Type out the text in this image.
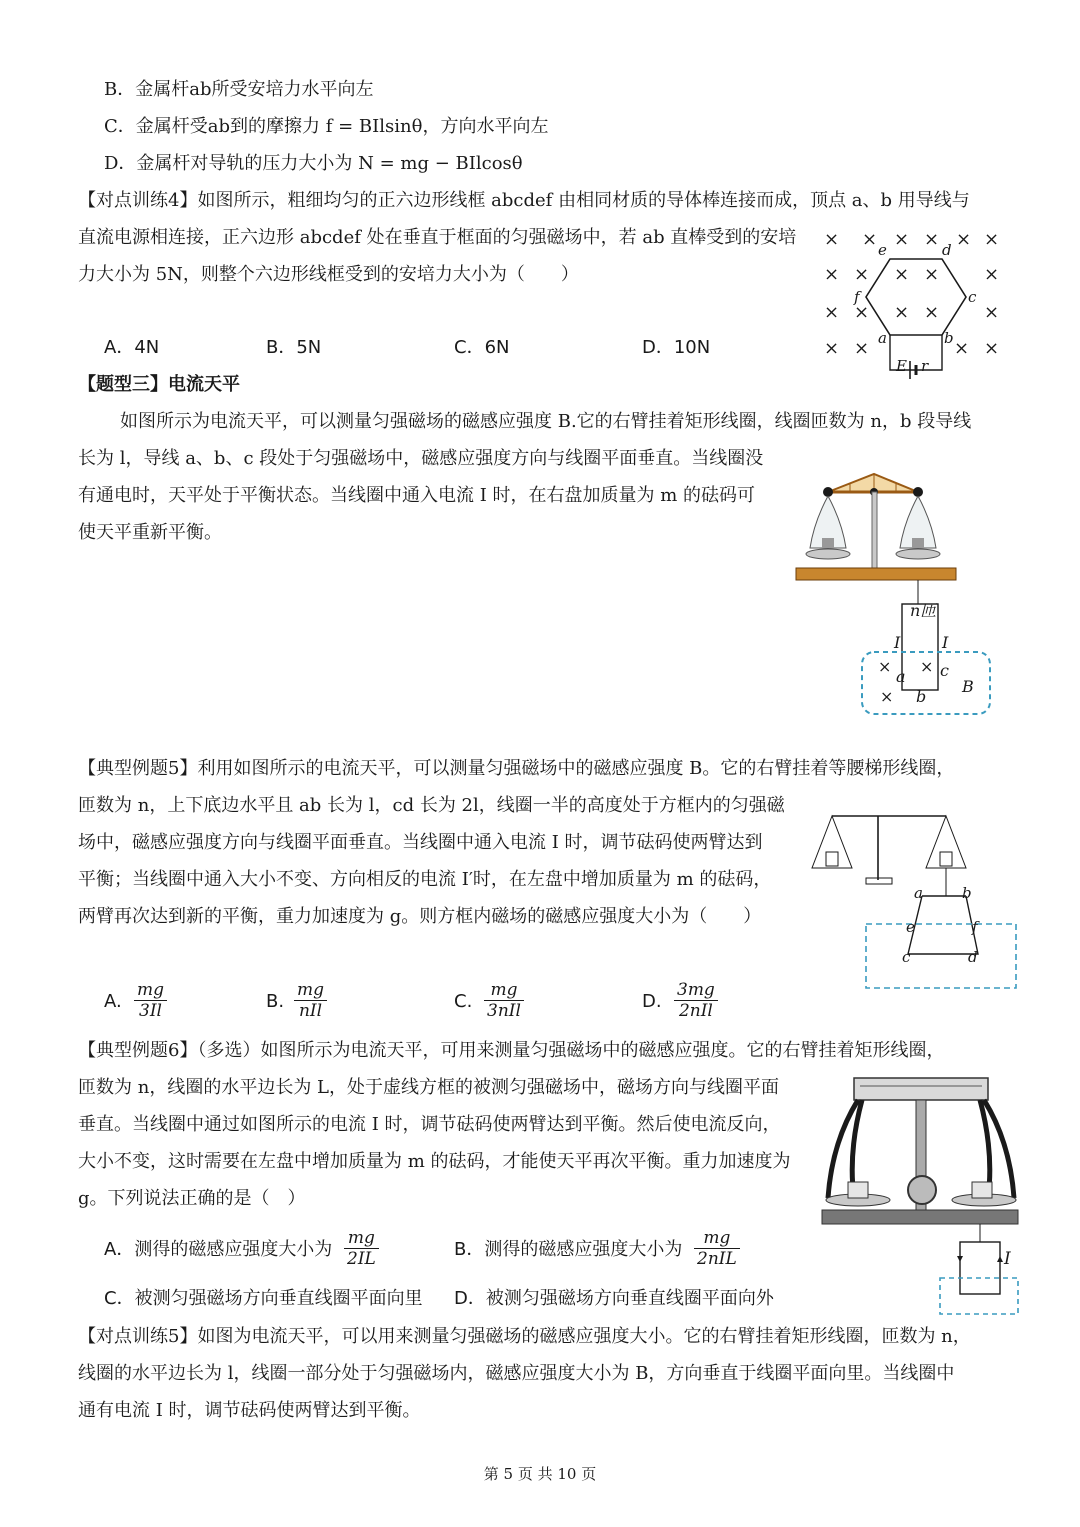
B．金属杆ab所受安培力水平向左
C．金属杆受ab到的摩擦力 f = BIlsinθ，方向水平向左
D．金属杆对导轨的压力大小为 N = mg − BIlcosθ
【对点训练4】如图所示，粗细均匀的正六边形线框 abcdef 由相同材质的导体棒连接而成，顶点 a、b 用导线与
直流电源相连接，正六边形 abcdef 处在垂直于框面的匀强磁场中，若 ab 直棒受到的安培
力大小为 5N，则整个六边形线框受到的安培力大小为（　　）
A．4N	B．5N	C．6N	D．10N
× × × × × ×
× × × × ×
× × × × ×
× ×	× ×
e	d
c
f
a	b
E r
【题型三】电流天平
如图所示为电流天平，可以测量匀强磁场的磁感应强度 B.它的右臂挂着矩形线圈，线圈匝数为 n，b 段导线
长为 l，导线 a、b、c 段处于匀强磁场中，磁感应强度方向与线圈平面垂直。当线圈没
有通电时，天平处于平衡状态。当线圈中通入电流 I 时，在右盘加质量为 m 的砝码可
使天平重新平衡。
n匝
I	I
a
b
c
B
× ×
×
【典型例题5】利用如图所示的电流天平，可以测量匀强磁场中的磁感应强度 B。它的右臂挂着等腰梯形线圈，
匝数为 n，上下底边水平且 ab 长为 l，cd 长为 2l，线圈一半的高度处于方框内的匀强磁
场中，磁感应强度方向与线圈平面垂直。当线圈中通入电流 I 时，调节砝码使两臂达到
平衡；当线圈中通入大小不变、方向相反的电流 I′时，在左盘中增加质量为 m 的砝码，
两臂再次达到新的平衡，重力加速度为 g。则方框内磁场的磁感应强度大小为（　　）
A. $\frac{mg}{3Il}$	B.
mg
nIl	C.
mg
3nIl	D.
3mg
2nIl
a	b
e	f
c	d
【典型例题6】（多选）如图所示为电流天平，可用来测量匀强磁场中的磁感应强度。它的右臂挂着矩形线圈，
匝数为 n，线圈的水平边长为 L，处于虚线方框的被测匀强磁场中，磁场方向与线圈平面
垂直。当线圈中通过如图所示的电流 I 时，调节砝码使两臂达到平衡。然后使电流反向，
大小不变，这时需要在左盘中增加质量为 m 的砝码，才能使天平再次平衡。重力加速度为
g。下列说法正确的是（　）
A．测得的磁感应强度大小为 $\frac{mg}{2IL}$	B．测得的磁感应强度大小为
mg
2nIL
C．被测匀强磁场方向垂直线圈平面向里 D．被测匀强磁场方向垂直线圈平面向外
I
【对点训练5】如图为电流天平，可以用来测量匀强磁场的磁感应强度大小。它的右臂挂着矩形线圈，匝数为 n，
线圈的水平边长为 l，线圈一部分处于匀强磁场内，磁感应强度大小为 B，方向垂直于线圈平面向里。当线圈中
通有电流 I 时，调节砝码使两臂达到平衡。
第 5 页 共 10 页
